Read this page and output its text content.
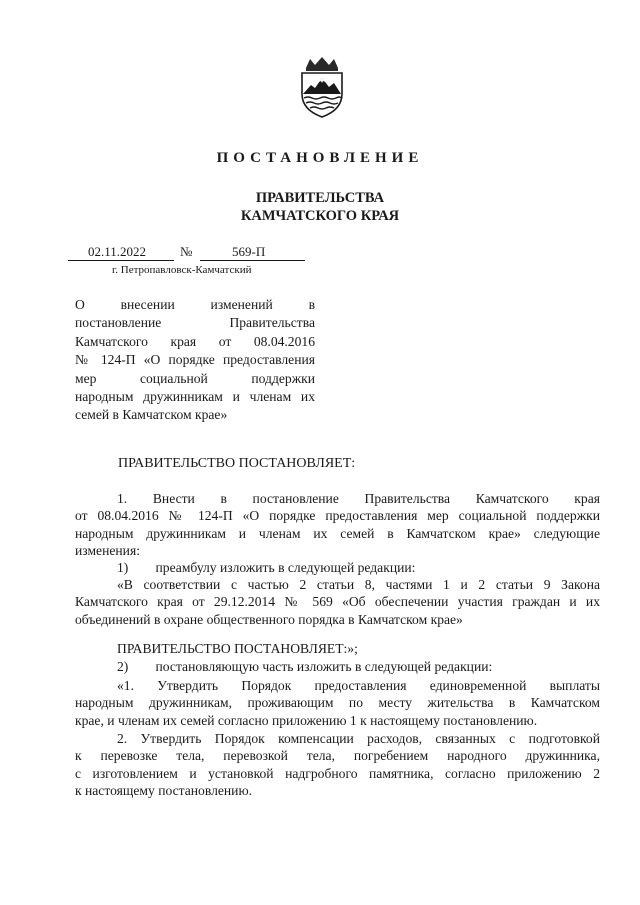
ПОСТАНОВЛЕНИЕ
ПРАВИТЕЛЬСТВА
КАМЧАТСКОГО КРАЯ
02.11.2022	№	569-П
г. Петропавловск-Камчатский
О внесении изменений в
постановление Правительства
Камчатского края от 08.04.2016
№ 124-П «О порядке предоставления
мер социальной поддержки
народным дружинникам и членам их
семей в Камчатском крае»
ПРАВИТЕЛЬСТВО ПОСТАНОВЛЯЕТ:
1. Внести в постановление Правительства Камчатского края
от 08.04.2016 № 124-П «О порядке предоставления мер социальной поддержки
народным дружинникам и членам их семей в Камчатском крае» следующие
изменения:
1)        преамбулу изложить в следующей редакции:
«В соответствии с частью 2 статьи 8, частями 1 и 2 статьи 9 Закона
Камчатского края от 29.12.2014 № 569 «Об обеспечении участия граждан и их
объединений в охране общественного порядка в Камчатском крае»
ПРАВИТЕЛЬСТВО ПОСТАНОВЛЯЕТ:»;
2)        постановляющую часть изложить в следующей редакции:
«1. Утвердить Порядок предоставления единовременной выплаты
народным дружинникам, проживающим по месту жительства в Камчатском
крае, и членам их семей согласно приложению 1 к настоящему постановлению.
2. Утвердить Порядок компенсации расходов, связанных с подготовкой
к перевозке тела, перевозкой тела, погребением народного дружинника,
с изготовлением и установкой надгробного памятника, согласно приложению 2
к настоящему постановлению.
